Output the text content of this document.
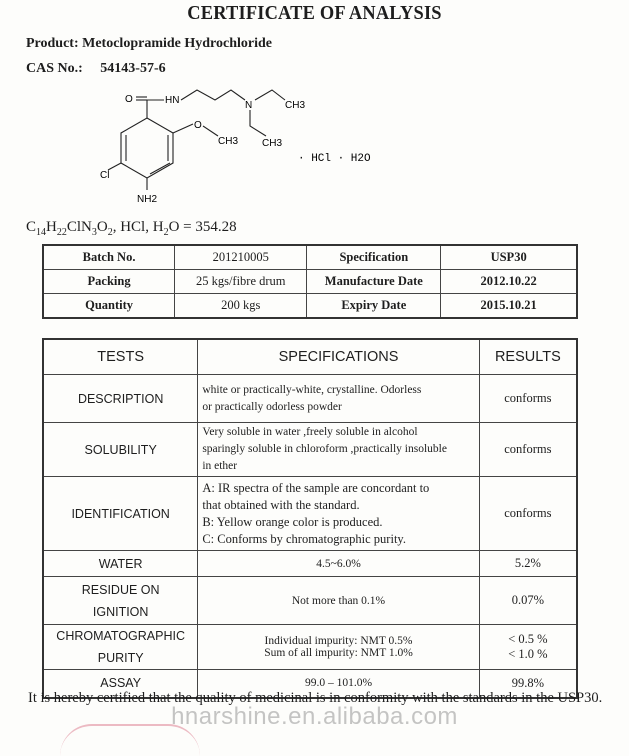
CERTIFICATE OF ANALYSIS
Product: Metoclopramide Hydrochloride
CAS No.: 54143-57-6
O	HN	N	CH3
CH3
O
CH3
Cl
NH2
· HCl · H2O
$C_{14}H_{22}ClN_3O_2$, HCl, $H_2O = 354.28$
Batch No.	201210005	Specification	USP30
Packing	25 kgs/fibre drum	Manufacture Date	2012.10.22
Quantity	200 kgs	Expiry Date	2015.10.21
TESTS	SPECIFICATIONS	RESULTS

DESCRIPTION	white or practically-white, crystalline. Odorless
or practically odorless powder	conforms

SOLUBILITY	Very soluble in water ,freely soluble in alcohol
sparingly soluble in chloroform ,practically insoluble
in ether	conforms

IDENTIFICATION	A: IR spectra of the sample are concordant to
that obtained with the standard.
B: Yellow orange color is produced.
C: Conforms by chromatographic purity.	conforms

WATER	4.5~6.0%	5.2%

RESIDUE ON
IGNITION	Not more than 0.1%	0.07%

CHROMATOGRAPHIC
PURITY	Individual impurity: NMT 0.5%
Sum of all impurity: NMT 1.0%	< 0.5 %
< 1.0 %

ASSAY	99.0 – 101.0%	99.8%
It is hereby certified that the quality of medicinal is in conformity with the standards in the USP30.
hnarshine.en.alibaba.com
